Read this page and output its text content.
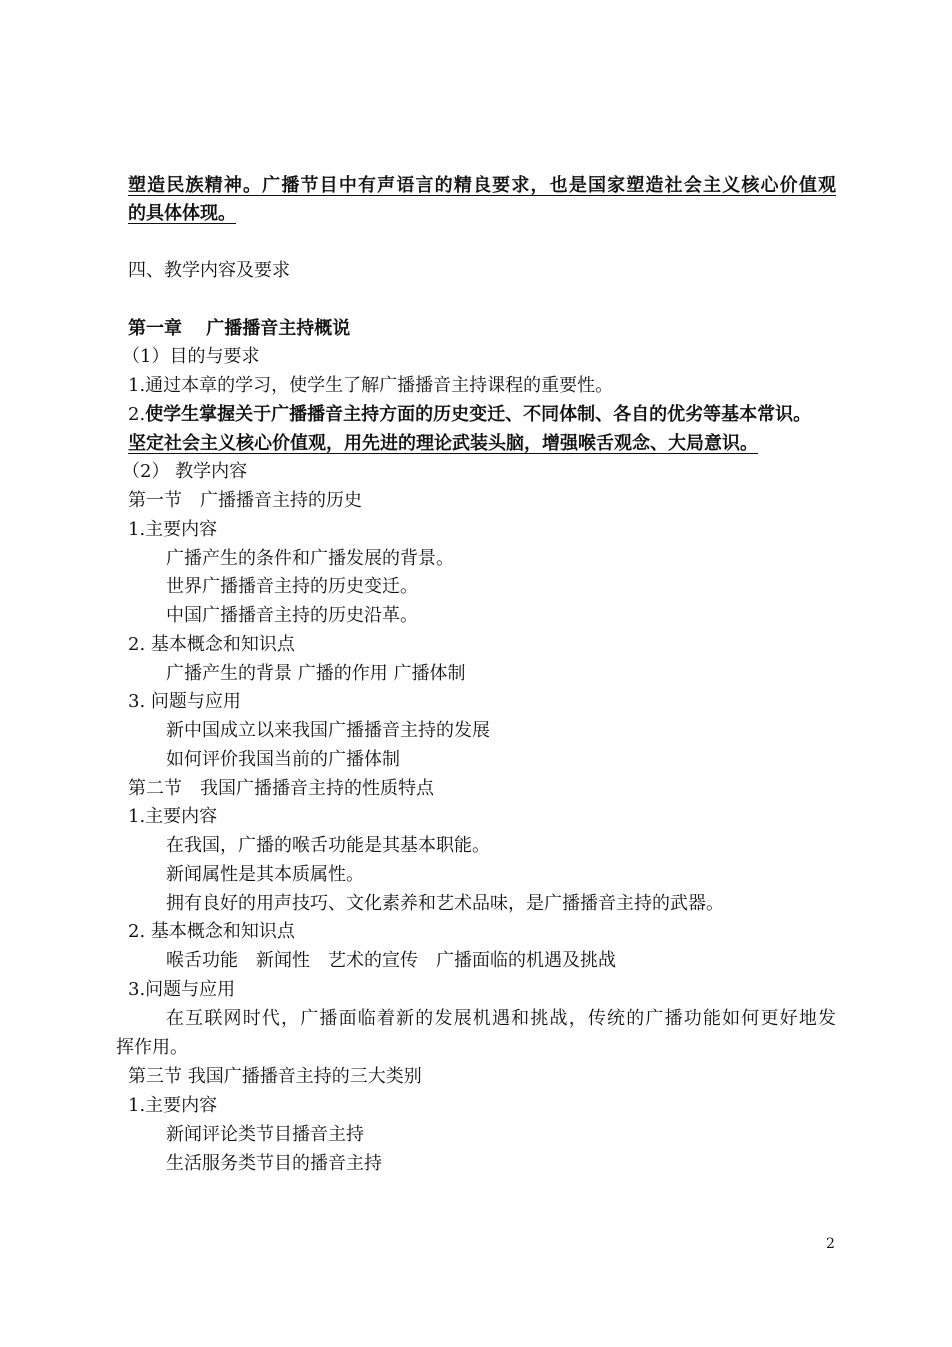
塑造民族精神。广播节目中有声语言的精良要求，也是国家塑造社会主义核心价值观
的具体体现。
四、教学内容及要求
第一章　 广播播音主持概说
（1）目的与要求
1.通过本章的学习，使学生了解广播播音主持课程的重要性。
2.使学生掌握关于广播播音主持方面的历史变迁、不同体制、各自的优劣等基本常识。
坚定社会主义核心价值观，用先进的理论武装头脑，增强喉舌观念、大局意识。
（2） 教学内容
第一节　广播播音主持的历史
1.主要内容
广播产生的条件和广播发展的背景。
世界广播播音主持的历史变迁。
中国广播播音主持的历史沿革。
2. 基本概念和知识点
广播产生的背景 广播的作用 广播体制
3. 问题与应用
新中国成立以来我国广播播音主持的发展
如何评价我国当前的广播体制
第二节　我国广播播音主持的性质特点
1.主要内容
在我国，广播的喉舌功能是其基本职能。
新闻属性是其本质属性。
拥有良好的用声技巧、文化素养和艺术品味，是广播播音主持的武器。
2. 基本概念和知识点
喉舌功能　新闻性　艺术的宣传　广播面临的机遇及挑战
3.问题与应用
在互联网时代，广播面临着新的发展机遇和挑战，传统的广播功能如何更好地发
挥作用。
第三节 我国广播播音主持的三大类别
1.主要内容
新闻评论类节目播音主持
生活服务类节目的播音主持
2
